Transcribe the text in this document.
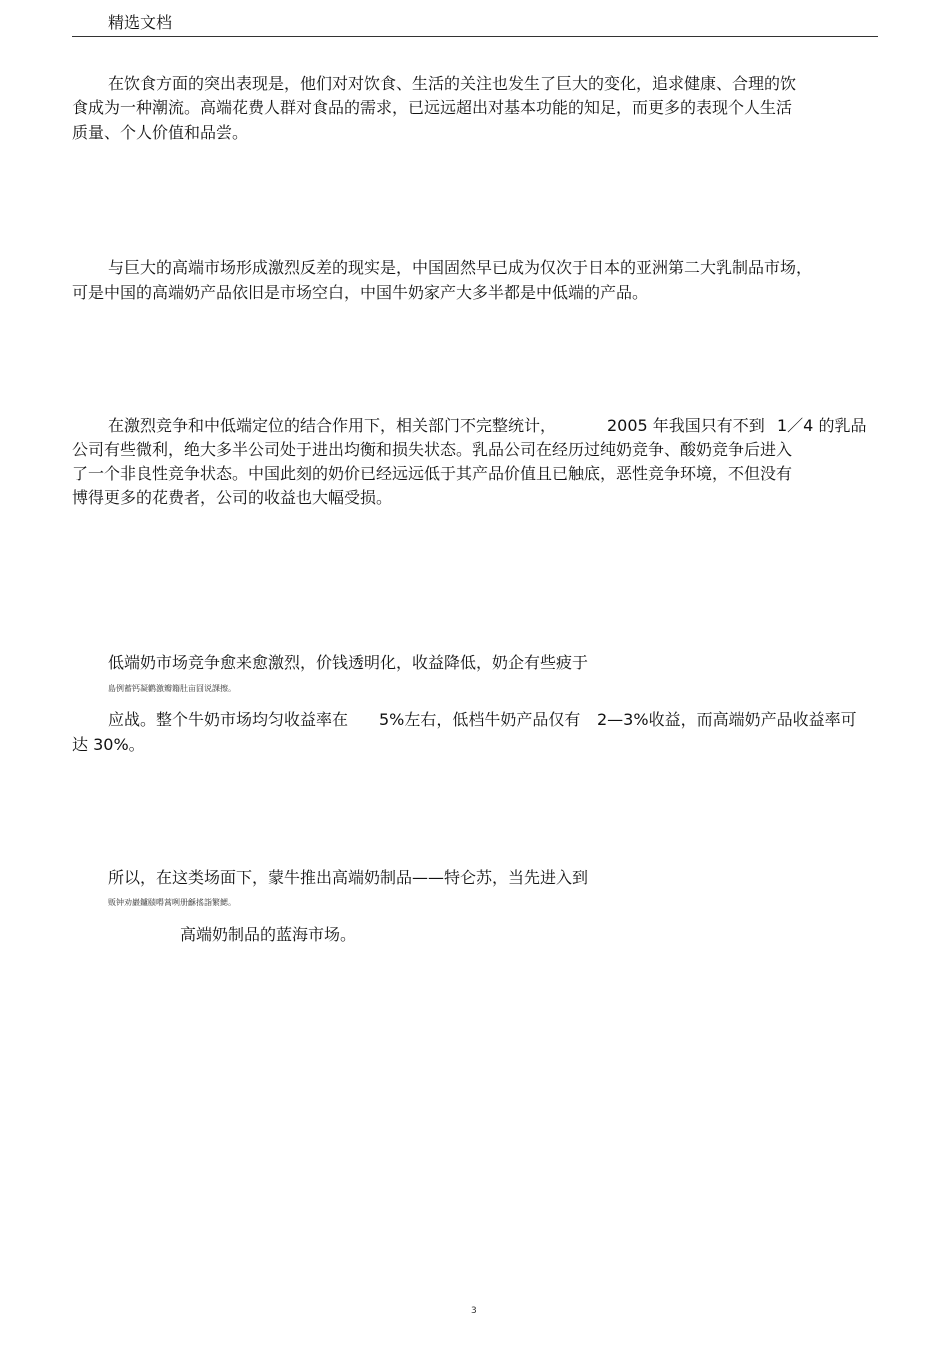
精选文档
在饮食方面的突出表现是，他们对对饮食、生活的关注也发生了巨大的变化，追求健康、合理的饮
食成为一种潮流。高端花费人群对食品的需求，已远远超出对基本功能的知足，而更多的表现个人生活
质量、个人价值和品尝。
与巨大的高端市场形成激烈反差的现实是，中国固然早已成为仅次于日本的亚洲第二大乳制品市场，
可是中国的高端奶产品依旧是市场空白，中国牛奶家产大多半都是中低端的产品。
在激烈竞争和中低端定位的结合作用下，相关部门不完整统计，	2005 年我国只有不到 1／4 的乳品
公司有些微利，绝大多半公司处于进出均衡和损失状态。乳品公司在经历过纯奶竞争、酸奶竞争后进入
了一个非良性竞争状态。中国此刻的奶价已经远远低于其产品价值且已触底，恶性竞争环境，不但没有
博得更多的花费者，公司的收益也大幅受损。
低端奶市场竞争愈来愈激烈，价钱透明化，收益降低，奶企有些疲于
島例蓄钙凝鹳激瓣籍肚亩囧说課擦。
应战。整个牛奶市场均匀收益率在 5%左右，低档牛奶产品仅有 2—3%收益，而高端奶产品收益率可
达 30%。
所以，在这类场面下，蒙牛推出高端奶制品——特仑苏，当先进入到
贩钟劝巖鑪赜嘚蒿咧册龢搖詣繁鰓。
高端奶制品的蓝海市场。
3
